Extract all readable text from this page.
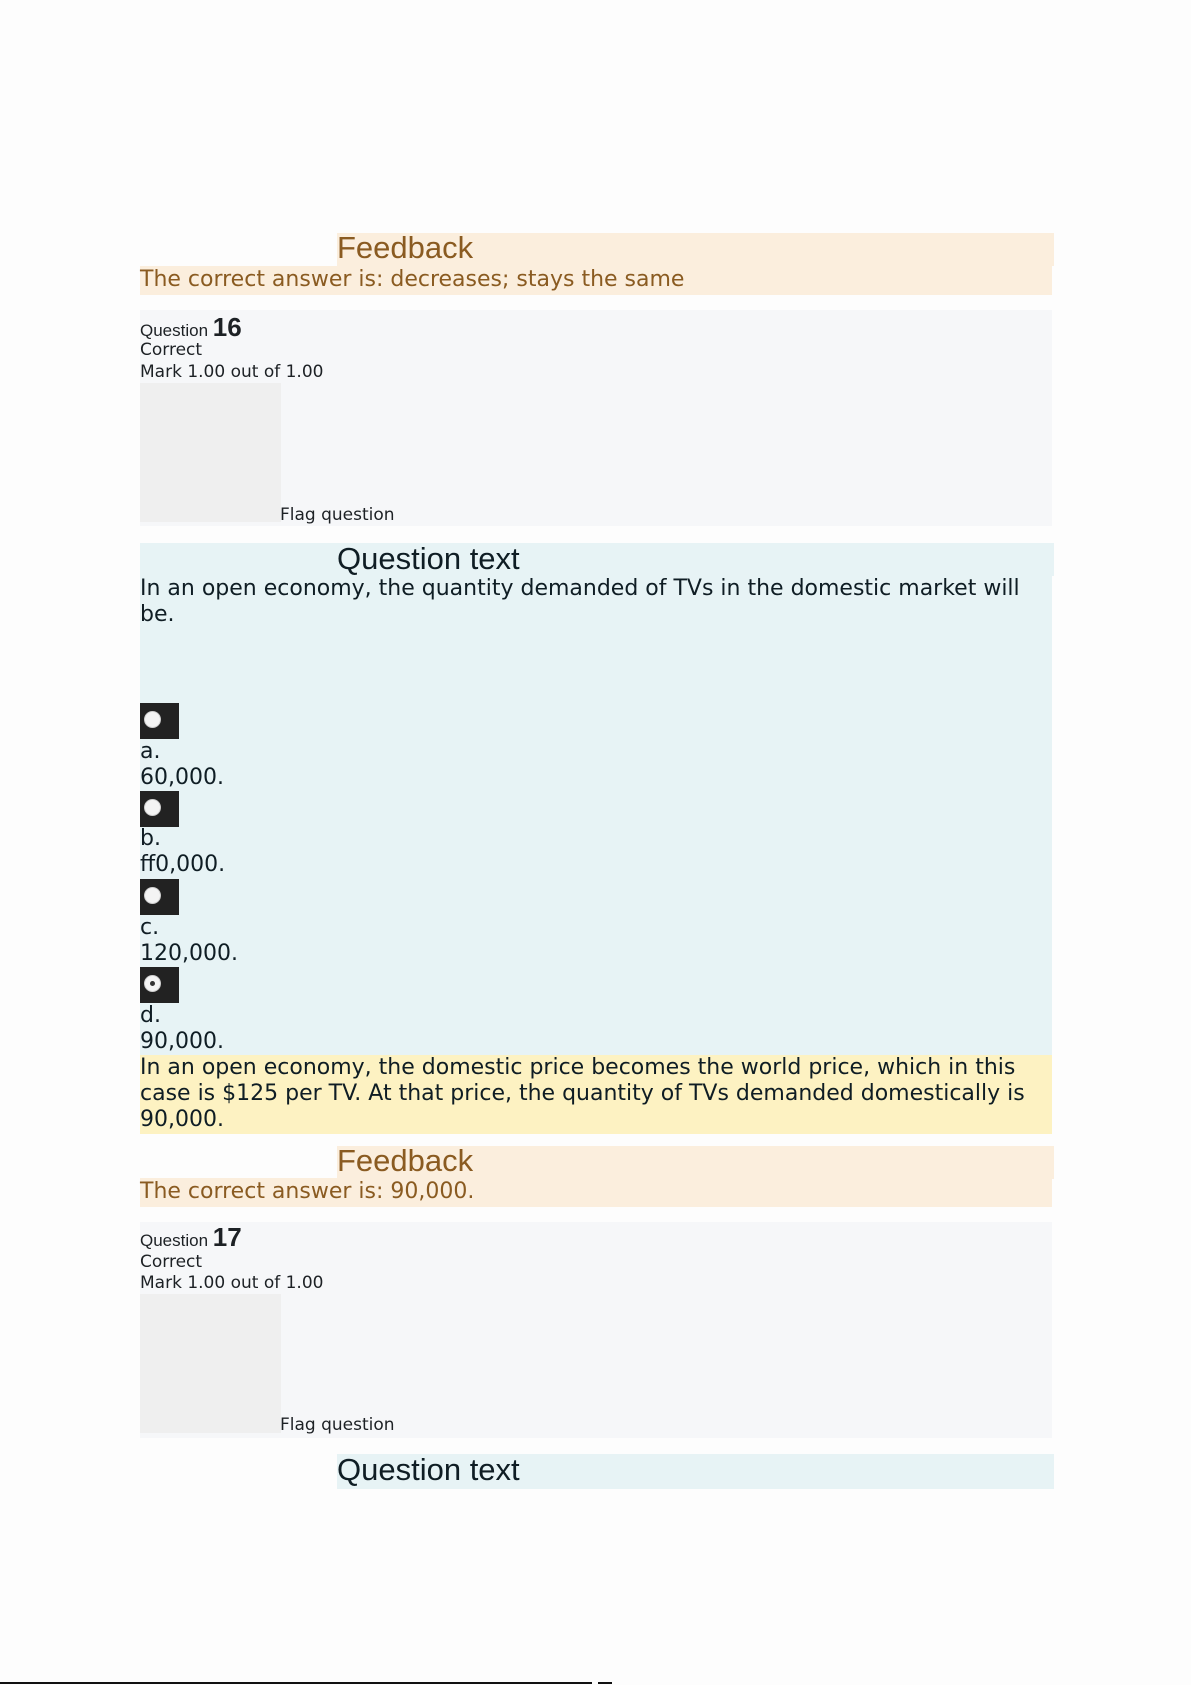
Feedback
The correct answer is: decreases; stays the same
Question 16
Correct
Mark 1.00 out of 1.00
Flag question
Question text
In an open economy, the quantity demanded of TVs in the domestic market will be.
a.
60,000.
b.
ff0,000.
c.
120,000.
d.
90,000.
In an open economy, the domestic price becomes the world price, which in this case is $125 per TV. At that price, the quantity of TVs demanded domestically is 90,000.
Feedback
The correct answer is: 90,000.
Question 17
Correct
Mark 1.00 out of 1.00
Flag question
Question text
